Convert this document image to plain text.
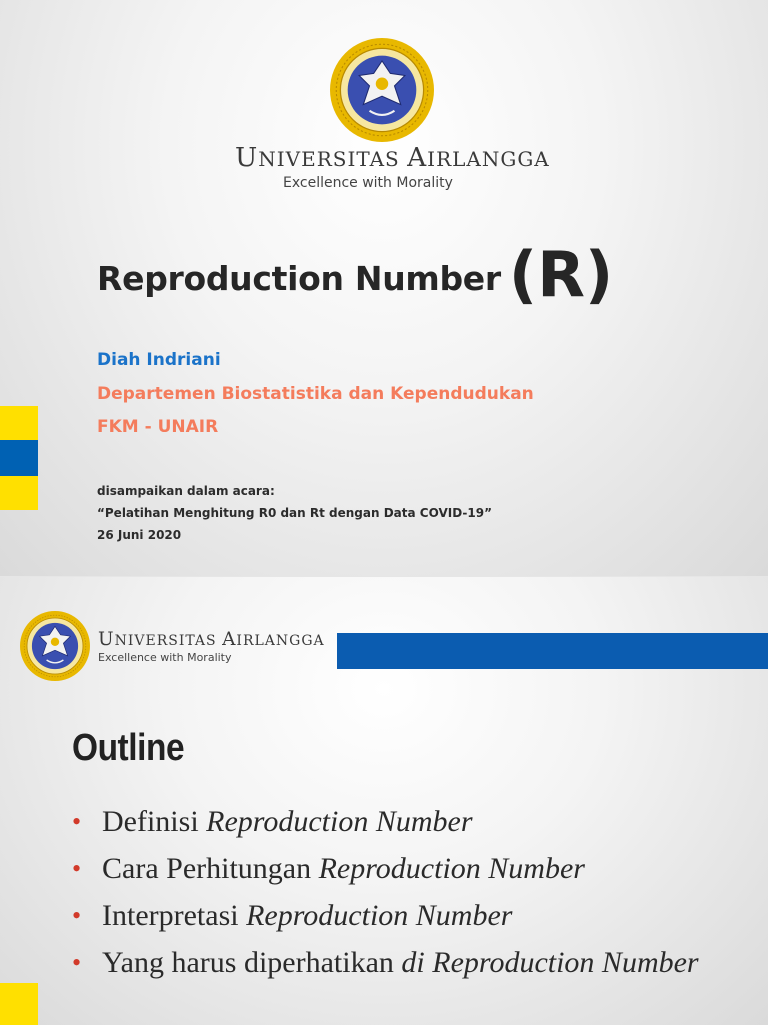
UNIVERSITAS AIRLANGGA
Excellence with Morality
Reproduction Number (R)
Diah Indriani
Departemen Biostatistika dan Kependudukan
FKM - UNAIR
disampaikan dalam acara:
“Pelatihan Menghitung R0 dan Rt dengan Data COVID-19”
26 Juni 2020
UNIVERSITAS AIRLANGGA
Excellence with Morality
Outline
• Definisi Reproduction Number
• Cara Perhitungan Reproduction Number
• Interpretasi Reproduction Number
• Yang harus diperhatikan di Reproduction Number
